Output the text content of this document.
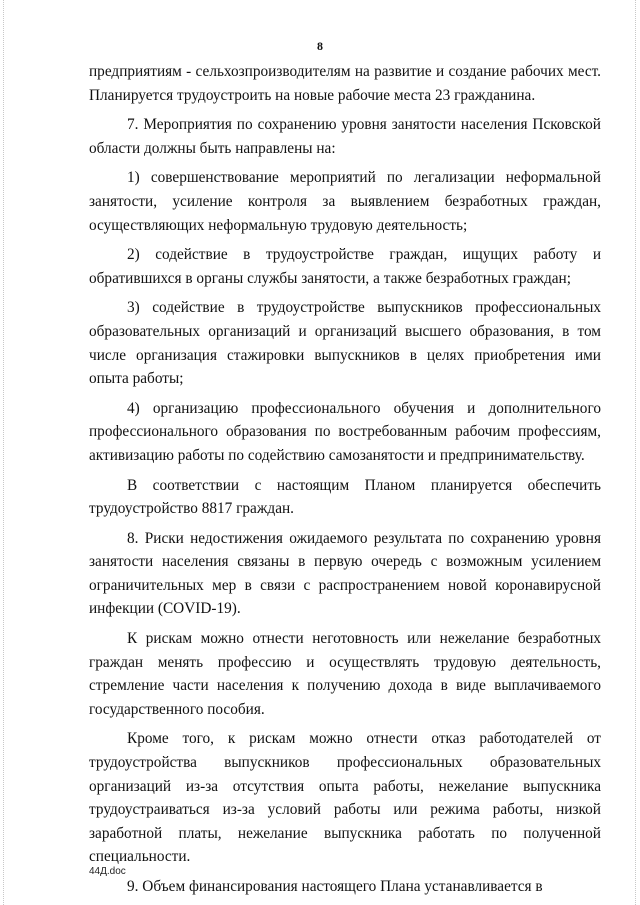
8

предприятиям - сельхозпроизводителям на развитие и создание рабочих мест. Планируется трудоустроить на новые рабочие места 23 гражданина.

7. Мероприятия по сохранению уровня занятости населения Псковской области должны быть направлены на:

1) совершенствование мероприятий по легализации неформальной занятости, усиление контроля за выявлением безработных граждан, осуществляющих неформальную трудовую деятельность;

2) содействие в трудоустройстве граждан, ищущих работу и обратившихся в органы службы занятости, а также безработных граждан;

3) содействие в трудоустройстве выпускников профессиональных образовательных организаций и организаций высшего образования, в том числе организация стажировки выпускников в целях приобретения ими опыта работы;

4) организацию профессионального обучения и дополнительного профессионального образования по востребованным рабочим профессиям, активизацию работы по содействию самозанятости и предпринимательству.

В соответствии с настоящим Планом планируется обеспечить трудоустройство 8817 граждан.

8. Риски недостижения ожидаемого результата по сохранению уровня занятости населения связаны в первую очередь с возможным усилением ограничительных мер в связи с распространением новой коронавирусной инфекции (COVID-19).

К рискам можно отнести неготовность или нежелание безработных граждан менять профессию и осуществлять трудовую деятельность, стремление части населения к получению дохода в виде выплачиваемого государственного пособия.

Кроме того, к рискам можно отнести отказ работодателей от трудоустройства выпускников профессиональных образовательных организаций из-за отсутствия опыта работы, нежелание выпускника трудоустраиваться из-за условий работы или режима работы, низкой заработной платы, нежелание выпускника работать по полученной специальности.

9. Объем финансирования настоящего Плана устанавливается в

44Д.doc
